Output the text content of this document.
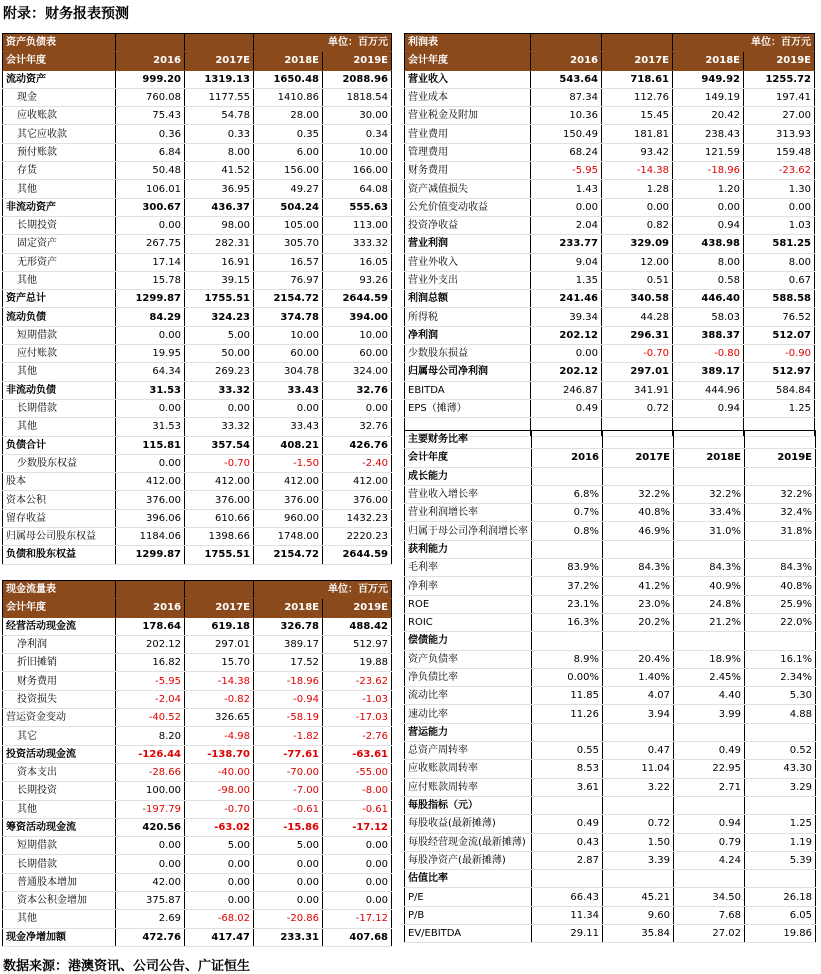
附录：财务报表预测
资产负债表			单位：百万元	
会计年度	2016	2017E	2018E	2019E
流动资产	999.20	1319.13	1650.48	2088.96
现金	760.08	1177.55	1410.86	1818.54
应收账款	75.43	54.78	28.00	30.00
其它应收款	0.36	0.33	0.35	0.34
预付账款	6.84	8.00	6.00	10.00
存货	50.48	41.52	156.00	166.00
其他	106.01	36.95	49.27	64.08
非流动资产	300.67	436.37	504.24	555.63
长期投资	0.00	98.00	105.00	113.00
固定资产	267.75	282.31	305.70	333.32
无形资产	17.14	16.91	16.57	16.05
其他	15.78	39.15	76.97	93.26
资产总计	1299.87	1755.51	2154.72	2644.59
流动负债	84.29	324.23	374.78	394.00
短期借款	0.00	5.00	10.00	10.00
应付账款	19.95	50.00	60.00	60.00
其他	64.34	269.23	304.78	324.00
非流动负债	31.53	33.32	33.43	32.76
长期借款	0.00	0.00	0.00	0.00
其他	31.53	33.32	33.43	32.76
负债合计	115.81	357.54	408.21	426.76
少数股东权益	0.00	-0.70	-1.50	-2.40
股本	412.00	412.00	412.00	412.00
资本公积	376.00	376.00	376.00	376.00
留存收益	396.06	610.66	960.00	1432.23
归属母公司股东权益	1184.06	1398.66	1748.00	2220.23
负债和股东权益	1299.87	1755.51	2154.72	2644.59
现金流量表			单位：百万元	
会计年度	2016	2017E	2018E	2019E
经营活动现金流	178.64	619.18	326.78	488.42
净利润	202.12	297.01	389.17	512.97
折旧摊销	16.82	15.70	17.52	19.88
财务费用	-5.95	-14.38	-18.96	-23.62
投资损失	-2.04	-0.82	-0.94	-1.03
营运资金变动	-40.52	326.65	-58.19	-17.03
其它	8.20	-4.98	-1.82	-2.76
投资活动现金流	-126.44	-138.70	-77.61	-63.61
资本支出	-28.66	-40.00	-70.00	-55.00
长期投资	100.00	-98.00	-7.00	-8.00
其他	-197.79	-0.70	-0.61	-0.61
筹资活动现金流	420.56	-63.02	-15.86	-17.12
短期借款	0.00	5.00	5.00	0.00
长期借款	0.00	0.00	0.00	0.00
普通股本增加	42.00	0.00	0.00	0.00
资本公积金增加	375.87	0.00	0.00	0.00
其他	2.69	-68.02	-20.86	-17.12
现金净增加额	472.76	417.47	233.31	407.68
利润表			单位：百万元	
会计年度	2016	2017E	2018E	2019E
营业收入	543.64	718.61	949.92	1255.72
营业成本	87.34	112.76	149.19	197.41
营业税金及附加	10.36	15.45	20.42	27.00
营业费用	150.49	181.81	238.43	313.93
管理费用	68.24	93.42	121.59	159.48
财务费用	-5.95	-14.38	-18.96	-23.62
资产减值损失	1.43	1.28	1.20	1.30
公允价值变动收益	0.00	0.00	0.00	0.00
投资净收益	2.04	0.82	0.94	1.03
营业利润	233.77	329.09	438.98	581.25
营业外收入	9.04	12.00	8.00	8.00
营业外支出	1.35	0.51	0.58	0.67
利润总额	241.46	340.58	446.40	588.58
所得税	39.34	44.28	58.03	76.52
净利润	202.12	296.31	388.37	512.07
少数股东损益	0.00	-0.70	-0.80	-0.90
归属母公司净利润	202.12	297.01	389.17	512.97
EBITDA	246.87	341.91	444.96	584.84
EPS（摊薄）	0.49	0.72	0.94	1.25

主要财务比率				
会计年度	2016	2017E	2018E	2019E
成长能力				
营业收入增长率	6.8%	32.2%	32.2%	32.2%
营业利润增长率	0.7%	40.8%	33.4%	32.4%
归属于母公司净利润增长率	0.8%	46.9%	31.0%	31.8%
获利能力				
毛利率	83.9%	84.3%	84.3%	84.3%
净利率	37.2%	41.2%	40.9%	40.8%
ROE	23.1%	23.0%	24.8%	25.9%
ROIC	16.3%	20.2%	21.2%	22.0%
偿债能力				
资产负债率	8.9%	20.4%	18.9%	16.1%
净负债比率	0.00%	1.40%	2.45%	2.34%
流动比率	11.85	4.07	4.40	5.30
速动比率	11.26	3.94	3.99	4.88
营运能力				
总资产周转率	0.55	0.47	0.49	0.52
应收账款周转率	8.53	11.04	22.95	43.30
应付账款周转率	3.61	3.22	2.71	3.29
每股指标（元）				
每股收益(最新摊薄)	0.49	0.72	0.94	1.25
每股经营现金流(最新摊薄)	0.43	1.50	0.79	1.19
每股净资产(最新摊薄)	2.87	3.39	4.24	5.39
估值比率				
P/E	66.43	45.21	34.50	26.18
P/B	11.34	9.60	7.68	6.05
EV/EBITDA	29.11	35.84	27.02	19.86
数据来源：港澳资讯、公司公告、广证恒生
